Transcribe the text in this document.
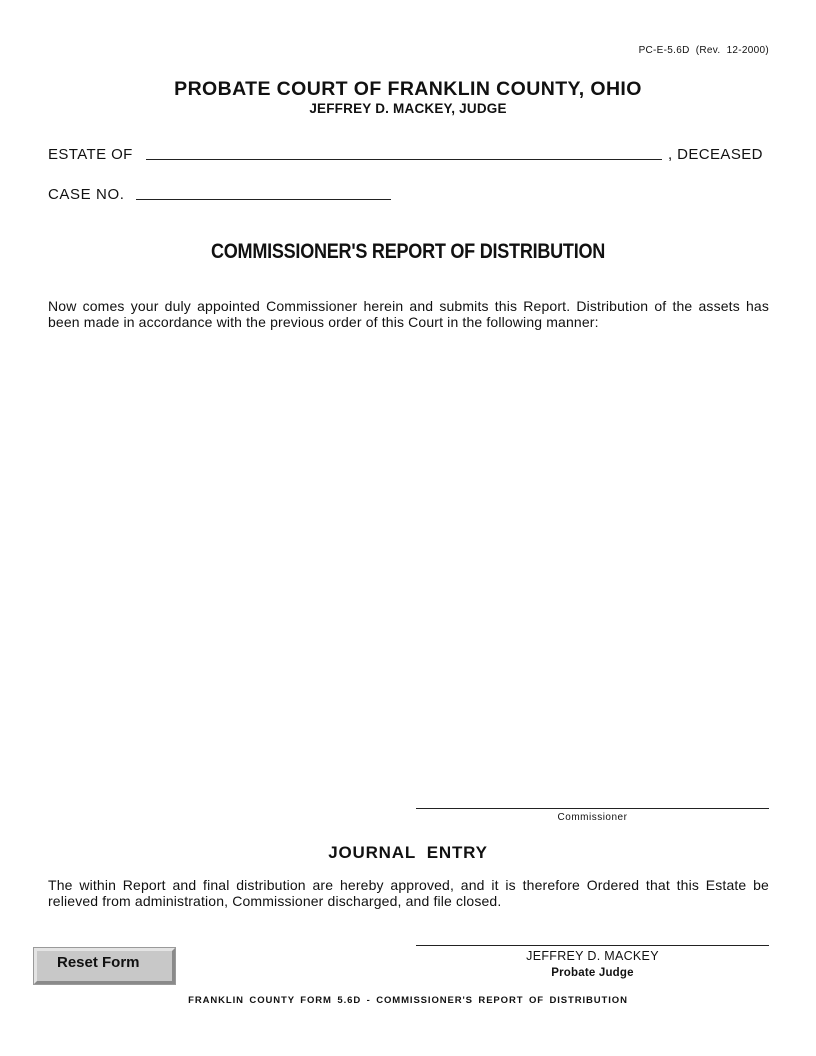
PC-E-5.6D  (Rev.  12-2000)
PROBATE COURT OF FRANKLIN COUNTY, OHIO
JEFFREY D. MACKEY, JUDGE
ESTATE OF	, DECEASED
CASE NO.
COMMISSIONER'S REPORT OF DISTRIBUTION
Now comes your duly appointed Commissioner herein and submits this Report. Distribution of the assets has been made in accordance with the previous order of this Court in the following manner:
Commissioner
JOURNAL  ENTRY
The within Report and final distribution are hereby approved, and it is therefore Ordered that this Estate be relieved from administration, Commissioner discharged, and file closed.
JEFFREY D. MACKEY
Probate Judge
Reset Form
FRANKLIN COUNTY FORM 5.6D - COMMISSIONER'S REPORT OF DISTRIBUTION
